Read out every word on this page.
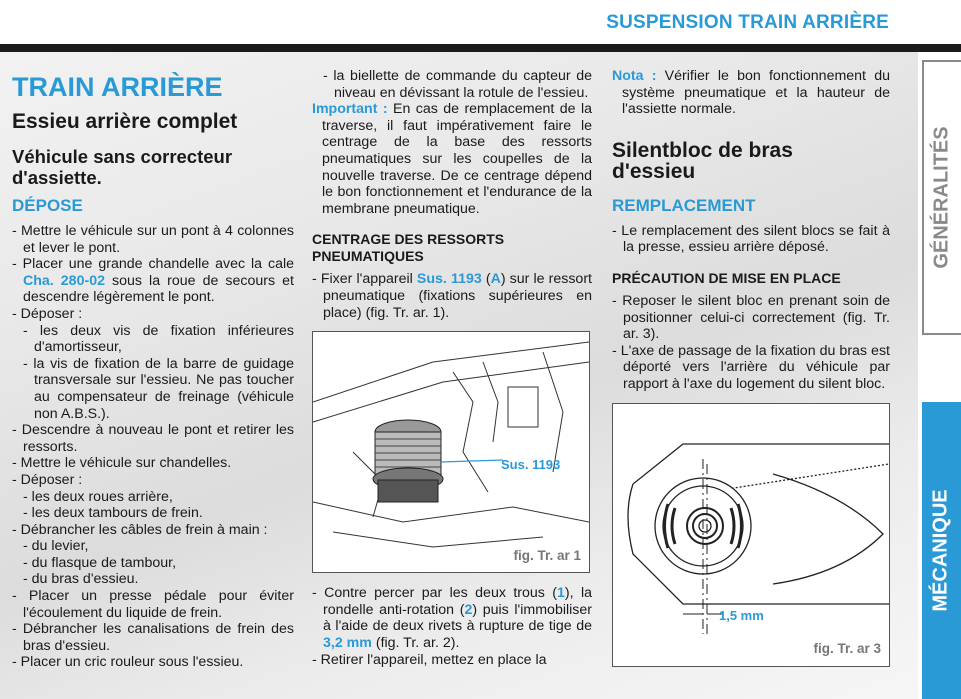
SUSPENSION TRAIN ARRIÈRE
TRAIN ARRIÈRE
Essieu arrière complet
Véhicule sans correcteur d'assiette.
DÉPOSE
- Mettre le véhicule sur un pont à 4 colonnes et lever le pont.
- Placer une grande chandelle avec la cale Cha. 280-02 sous la roue de secours et descendre légèrement le pont.
- Déposer :
- les deux vis de fixation inférieures d'amortisseur,
- la vis de fixation de la barre de guidage transversale sur l'essieu. Ne pas toucher au compensateur de freinage (véhicule non A.B.S.).
- Descendre à nouveau le pont et retirer les ressorts.
- Mettre le véhicule sur chandelles.
- Déposer :
- les deux roues arrière,
- les deux tambours de frein.
- Débrancher les câbles de frein à main :
- du levier,
- du flasque de tambour,
- du bras d'essieu.
- Placer un presse pédale pour éviter l'écoulement du liquide de frein.
- Débrancher les canalisations de frein des bras d'essieu.
- Placer un cric rouleur sous l'essieu.
- la biellette de commande du capteur de niveau en dévissant la rotule de l'essieu.
Important : En cas de remplacement de la traverse, il faut impérativement faire le centrage de la base des ressorts pneumatiques sur les coupelles de la nouvelle traverse. De ce centrage dépend le bon fonctionnement et l'endurance de la membrane pneumatique.
CENTRAGE DES RESSORTS PNEUMATIQUES
- Fixer l'appareil Sus. 1193 (A) sur le ressort pneumatique (fixations supérieures en place) (fig. Tr. ar. 1).
Sus. 1193
fig. Tr. ar 1
- Contre percer par les deux trous (1), la rondelle anti-rotation (2) puis l'immobiliser à l'aide de deux rivets à rupture de tige de 3,2 mm (fig. Tr. ar. 2).
- Retirer l'appareil, mettez en place la
Nota : Vérifier le bon fonctionnement du système pneumatique et la hauteur de l'assiette normale.
Silentbloc de bras d'essieu
REMPLACEMENT
- Le remplacement des silent blocs se fait à la presse, essieu arrière déposé.
PRÉCAUTION DE MISE EN PLACE
- Reposer le silent bloc en prenant soin de positionner celui-ci correctement (fig. Tr. ar. 3).
- L'axe de passage de la fixation du bras est déporté vers l'arrière du véhicule par rapport à l'axe du logement du silent bloc.
1,5 mm
fig. Tr. ar 3
GÉNÉRALITÉS
MÉCANIQUE
